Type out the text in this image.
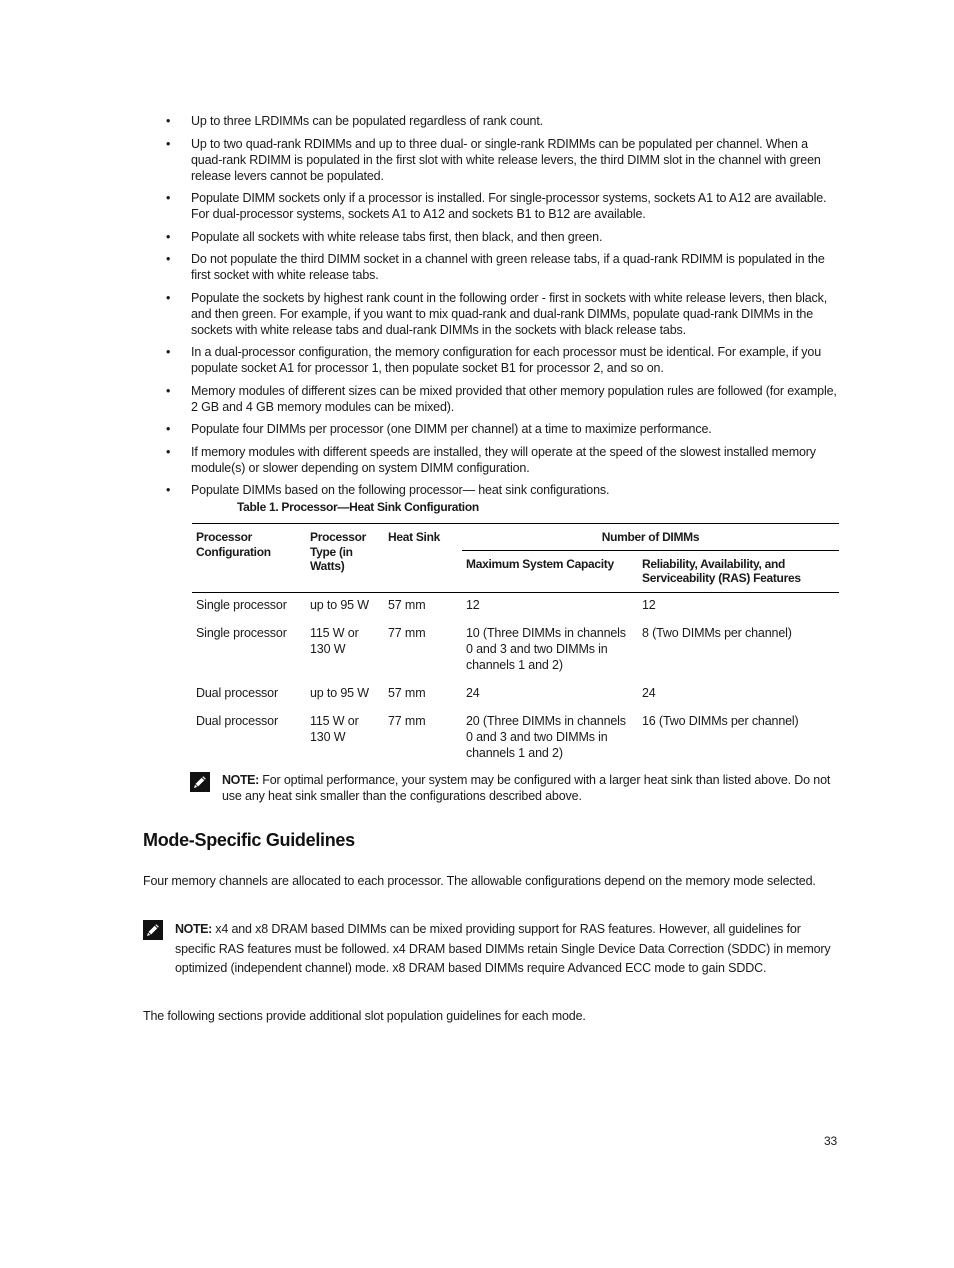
• Up to three LRDIMMs can be populated regardless of rank count.
• Up to two quad-rank RDIMMs and up to three dual- or single-rank RDIMMs can be populated per channel. When a quad-rank RDIMM is populated in the first slot with white release levers, the third DIMM slot in the channel with green release levers cannot be populated.
• Populate DIMM sockets only if a processor is installed. For single-processor systems, sockets A1 to A12 are available. For dual-processor systems, sockets A1 to A12 and sockets B1 to B12 are available.
• Populate all sockets with white release tabs first, then black, and then green.
• Do not populate the third DIMM socket in a channel with green release tabs, if a quad-rank RDIMM is populated in the first socket with white release tabs.
• Populate the sockets by highest rank count in the following order - first in sockets with white release levers, then black, and then green. For example, if you want to mix quad-rank and dual-rank DIMMs, populate quad-rank DIMMs in the sockets with white release tabs and dual-rank DIMMs in the sockets with black release tabs.
• In a dual-processor configuration, the memory configuration for each processor must be identical. For example, if you populate socket A1 for processor 1, then populate socket B1 for processor 2, and so on.
• Memory modules of different sizes can be mixed provided that other memory population rules are followed (for example, 2 GB and 4 GB memory modules can be mixed).
• Populate four DIMMs per processor (one DIMM per channel) at a time to maximize performance.
• If memory modules with different speeds are installed, they will operate at the speed of the slowest installed memory module(s) or slower depending on system DIMM configuration.
• Populate DIMMs based on the following processor— heat sink configurations.
Table 1. Processor—Heat Sink Configuration
Processor Configuration	Processor Type (in Watts)	Heat Sink	Number of DIMMs	
			Maximum System Capacity	Reliability, Availability, and Serviceability (RAS) Features
Single processor	up to 95 W	57 mm	12	12
Single processor	115 W or 130 W	77 mm	10 (Three DIMMs in channels 0 and 3 and two DIMMs in channels 1 and 2)	8 (Two DIMMs per channel)
Dual processor	up to 95 W	57 mm	24	24
Dual processor	115 W or 130 W	77 mm	20 (Three DIMMs in channels 0 and 3 and two DIMMs in channels 1 and 2)	16 (Two DIMMs per channel)
NOTE: For optimal performance, your system may be configured with a larger heat sink than listed above. Do not use any heat sink smaller than the configurations described above.
Mode-Specific Guidelines

Four memory channels are allocated to each processor. The allowable configurations depend on the memory mode selected.

NOTE: x4 and x8 DRAM based DIMMs can be mixed providing support for RAS features. However, all guidelines for specific RAS features must be followed. x4 DRAM based DIMMs retain Single Device Data Correction (SDDC) in memory optimized (independent channel) mode. x8 DRAM based DIMMs require Advanced ECC mode to gain SDDC.

The following sections provide additional slot population guidelines for each mode.

33
